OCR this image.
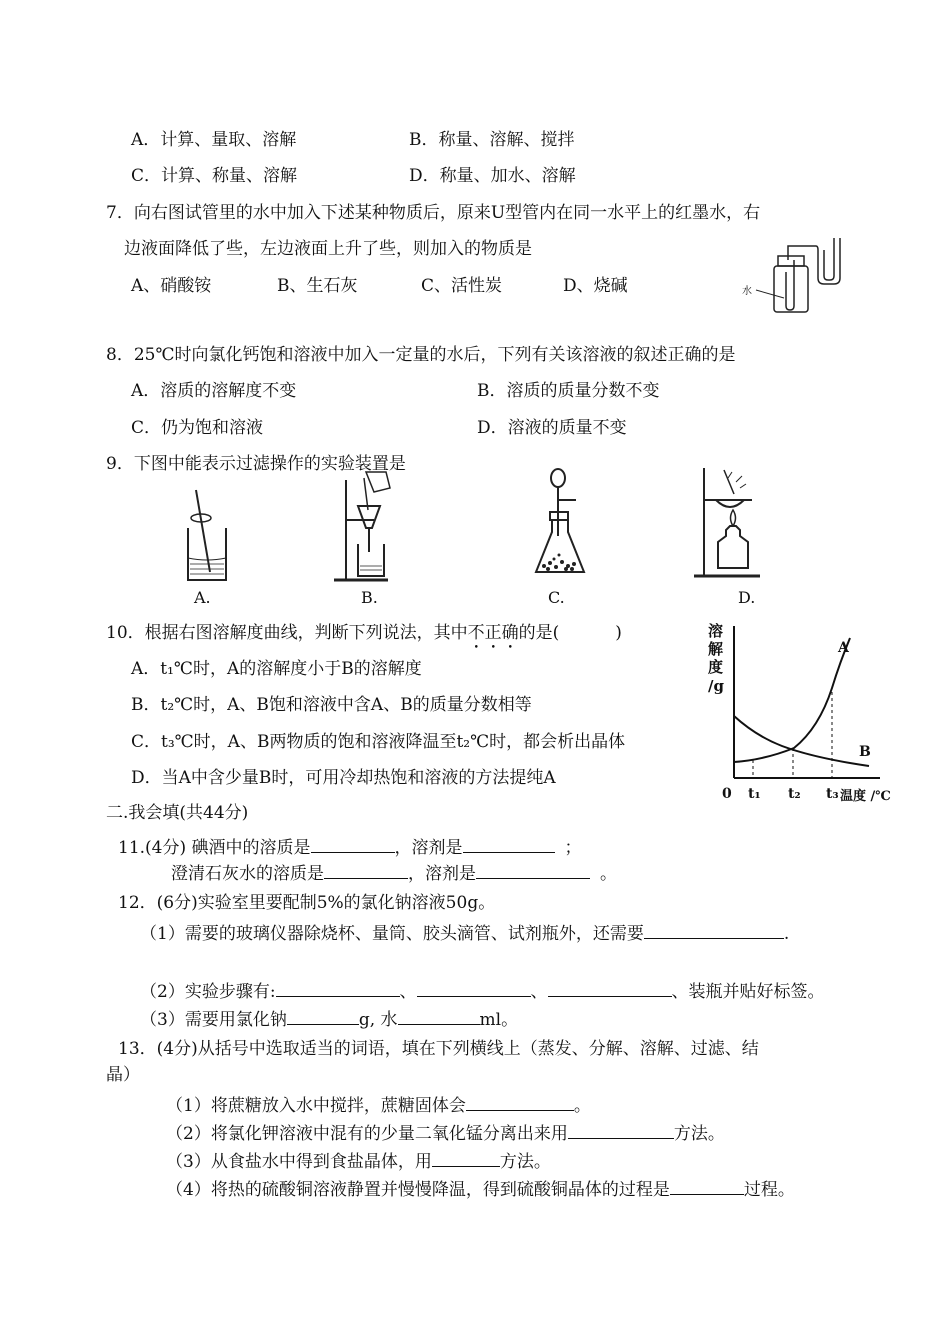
A．计算、量取、溶解	B．称量、溶解、搅拌
C．计算、称量、溶解	D．称量、加水、溶解
7．向右图试管里的水中加入下述某种物质后，原来U型管内在同一水平上的红墨水，右
边液面降低了些，左边液面上升了些，则加入的物质是
A、硝酸铵	B、生石灰	C、活性炭	D、烧碱	水
8．25℃时向氯化钙饱和溶液中加入一定量的水后，下列有关该溶液的叙述正确的是
A．溶质的溶解度不变	B．溶质的质量分数不变
C．仍为饱和溶液	D．溶液的质量不变
9．下图中能表示过滤操作的实验装置是
A.	B.	C.	D.
10．根据右图溶解度曲线，判断下列说法，其中不正确的是(	)
A．t₁℃时，A的溶解度小于B的溶解度
B．t₂℃时，A、B饱和溶液中含A、B的质量分数相等
C．t₃℃时，A、B两物质的饱和溶液降温至t₂℃时，都会析出晶体
D．当A中含少量B时，可用冷却热饱和溶液的方法提纯A
溶
解
度
/g
A
B
0 t₁ t₂ t₃ 温度 /℃
二.我会填(共44分)
11.(4分) 碘酒中的溶质是	，溶剂是	；
澄清石灰水的溶质是	，溶剂是	。
12．(6分)实验室里要配制5%的氯化钠溶液50g。
（1）需要的玻璃仪器除烧杯、量筒、胶头滴管、试剂瓶外，还需要	.
（2）实验步骤有:	、	、	、装瓶并贴好标签。
（3）需要用氯化钠	g, 水	ml。
13．(4分)从括号中选取适当的词语，填在下列横线上（蒸发、分解、溶解、过滤、结
晶）
（1）将蔗糖放入水中搅拌，蔗糖固体会	。
（2）将氯化钾溶液中混有的少量二氧化锰分离出来用	方法。
（3）从食盐水中得到食盐晶体，用	方法。
（4）将热的硫酸铜溶液静置并慢慢降温，得到硫酸铜晶体的过程是	过程。
